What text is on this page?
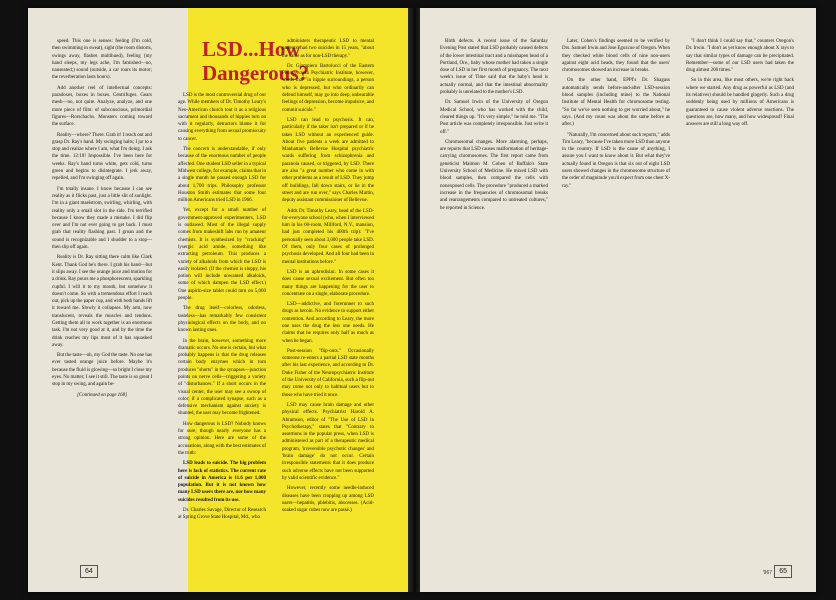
LSD...How Dangerous?
64	'967	65

speed. This one is senses: feeling (I'm cold, then swimming in sweat), sight (the room distorts, swings away, flashes multihued), feeling (my hand sleeps, my legs ache, I'm famished—no, nauseated;) sound (outside, a car roars its motor; the reverberation lasts hours).

Add another reel of intellectual concepts: paradoxes, boxes in boxes. Centrifuges. Gears mesh—no, not quite. Analyze, analyze, and one more piece of film: of subconscious, primordial figures—Rorschachs. Monsters coming toward the surface.

Reality—where? There. Grab it! I reach out and grasp Dr. Ray's hand. My swinging halts; I jar to a stop and realize where I am, what I'm doing. I ask the time. 12:10! Impossible. I've been here for weeks. Ray's hand turns white, gets cold, turns green and begins to disintegrate. I jerk away, repelled, and I'm swinging off again.

I'm totally insane. I know because I can see reality as it flicks past, just a little slit of sunlight. I'm in a giant maelstrom, swirling, whirling, with reality only a small slot in the side. I'm terrified because I know they made a mistake. I did flip over and I'm not ever going to get back. I must grab that reality flashing past. I groan and the sound is recognizable and I shudder to a stop—then slip off again.

Reality is Dr. Ray sitting there calm like Clark Kent. Thank God he's there. I grab his hand—but it slips away. I see the orange juice and motion for a drink. Ray pours me a phosphorescent, sparkling cupful. I will it to my mouth, but somehow it doesn't come. So with a tremendous effort I reach out, pick up the paper cup, and with both hands lift it toward me. Slowly it collapses. My arm, now translucent, reveals the muscles and tendons. Getting them all to work together is an enormous task. I'm not very good at it, and by the time the drink reaches my lips most of it has squashed away.

But the taste—oh, my God the taste. No one has ever tasted orange juice before. Maybe it's because the fluid is glowing—so bright I close my eyes. No matter; I see it still. The taste is so great I stop in my swing, and again be-

[Continued on page 168]

LSD is the most controversial drug of our age. While members of Dr. Timothy Leary's Neo-American church tout it as a religious sacrament and thousands of hippies turn on with it regularly, detractors blame it for causing everything from sexual promiscuity to cancer.

The concern is understandable, if only because of the enormous number of people affected. One student LSD seller in a typical Midwest college, for example, claims that in a single month he passed enough LSD for about 1,700 trips. Philosophy professor Houston Smith estimates that some four million Americans tried LSD in 1966.

Yet, except for a small number of government-approved experimenters, LSD is outlawed. Most of the illegal supply comes from makeshift labs run by amateur chemists. It is synthesized by "cracking" lysergic acid amide, something like extracting petroleum. This produces a variety of alkaloids from which the LSD is easily isolated. (If the chemist is sloppy, his potion will include unwanted alkaloids, some of which dampen the LSD effect.) One aspirin-size tablet could turn on 5,000 people.

The drug itself—colorless, odorless, tasteless—has remarkably few consistent physiological effects on the body, and no known lasting ones.

In the brain, however, something more dramatic occurs. No one is certain, but what probably happens is that the drug releases certain body enzymes which in turn produces "shorts" in the synapses—junction points on nerve cells—triggering a variety of "disturbances." If a short occurs in the visual center, the user may see a swoop of color; if a complicated synapse, such as a defensive mechanism against anxiety is shunted, the user may become frightened.

How dangerous is LSD? Nobody knows for sure, though nearly everyone has a strong opinion. Here are some of the accusations, along with the best estimates of the truth:

LSD leads to suicide. The big problem here is lack of statistics. The current rate of suicide in America is 11.6 per 1,000 population. But it is not known how many LSD users there are, nor how many suicides resulted from its use.

Dr. Charles Savage, Director of Research at Spring Grove State Hospital, Md., who

administers therapeutic LSD to mental patients, had two suicides in 15 years, "about the same as for non-LSD therapy."

Dr. Giampiero Bartolucci of the Eastern Pennsylvania Psychiatric Institute, however, warns that "in hippie surroundings, a person who is depressed, but who ordinarily can defend himself, may go into deep, unbearable feelings of depression, become impulsive, and commit suicide."

LSD can lead to psychosis. It can, particularly if the taker isn't prepared or if he takes LSD without an experienced guide. About five patients a week are admitted to Manhattan's Bellevue Hospital psychiatric wards suffering from schizophrenia and paranoia caused, or triggered, by LSD. There are also "a great number who come in with other problems as a result of LSD. They jump off buildings, fall down stairs, or lie in the street and are run over," says Charles Martin, deputy assistant commissioner of Bellevue.

Adds Dr. Timothy Leary, head of the LSD-for-everyone school (who, when I interviewed him in his 60-room, Millford, N.Y., mansion, had just completed his 400th trip): "I've personally seen about 3,000 people take LSD. Of them, only four cases of prolonged psychosis developed. And all four had been in mental institutions before."

LSD is an aphrodisiac. In some cases it does cause sexual excitement. But often too many things are happening for the user to concentrate on a single, elaborate procedure.

LSD—addictive, and forerunner to such drugs as heroin. No evidence to support either contention. And according to Leary, the more one uses the drug the less one needs. He claims that he requires only half as much as when he began.

Post-session "flip-outs." Occasionally someone re-enters a partial LSD state months after his last experience, and according to Dr. Duke Fisher of the Neuropsychiatric Institute of the University of California, such a flip-out may come not only to habitual users but to those who have tried it once.

LSD may cause brain damage and other physical effects. Psychiatrist Harold A. Abramson, editor of "The Use of LSD in Psychotherapy," states that "Contrary to assertions in the popular press, when LSD is administered as part of a therapeutic medical program, 'irreversible psychotic changes' and 'brain damage' do not occur. Certain irresponsible statements that it does produce such adverse effects have not been supported by valid scientific evidence."

However, recently some needle-induced diseases have been cropping up among LSD users—hepatitis, phlebitis, abscesses. (Acid-soaked sugar cubes now are passé.)

Birth defects. A recent issue of the Saturday Evening Post stated that LSD probably caused defects of the lower intestinal tract and a misshapen head of a Portland, Ore., baby whose mother had taken a single dose of LSD in her first month of pregnancy. The next week's issue of Time said that the baby's head is actually normal, and that the intestinal abnormality probably is unrelated to the mother's LSD.

Dr. Samuel Irwin of the University of Oregon Medical School, who has worked with the child, cleared things up. "It's very simple," he told me. "The Post article was completely irresponsible. Just write it off."

Chromosomal changes. More alarming, perhaps, are reports that LSD causes malformation of heritage-carrying chromosomes. The first report came from geneticist Maimon M. Cohen of Buffalo's State University School of Medicine. He mixed LSD with blood samples, then compared the cells with nonexposed cells. The procedure "produced a marked increase in the frequencies of chromosomal breaks and rearrangements compared to untreated cultures," he reported in Science.

Later, Cohen's findings seemed to be verified by Drs. Samuel Irwin and Jose Egozcue of Oregon. When they checked white blood cells of nine non-users against eight acid heads, they found that the users' chromosomes showed an increase in breaks.

On the other hand, EPPI's Dr. Shagass automatically sends before-and-after LSD-session blood samples (including mine) to the National Institute of Mental Health for chromosome testing. "So far we've seen nothing to get worried about," he says. (And my count was about the same before as after.)

"Naturally, I'm concerned about such reports," adds Tim Leary, "because I've taken more LSD than anyone in the country. If LSD is the cause of anything, I assure you I want to know about it. But what they've actually found in Oregon is that six out of eight LSD users showed changes in the chromosome structure of the order of magnitude you'd expect from one chest X-ray."

"I don't think I could say that," counters Oregon's Dr. Irwin. "I don't as yet know enough about X rays to say that similar types of damage can be precipitated. Remember—some of our LSD users had taken the drug almost 200 times."

So in this area, like most others, we're right back where we started. Any drug as powerful as LSD (and its relatives) should be handled gingerly. Such a drug suddenly being used by millions of Americans is guaranteed to cause violent adverse reactions. The questions are, how many, and how widespread? Final answers are still a long way off.
